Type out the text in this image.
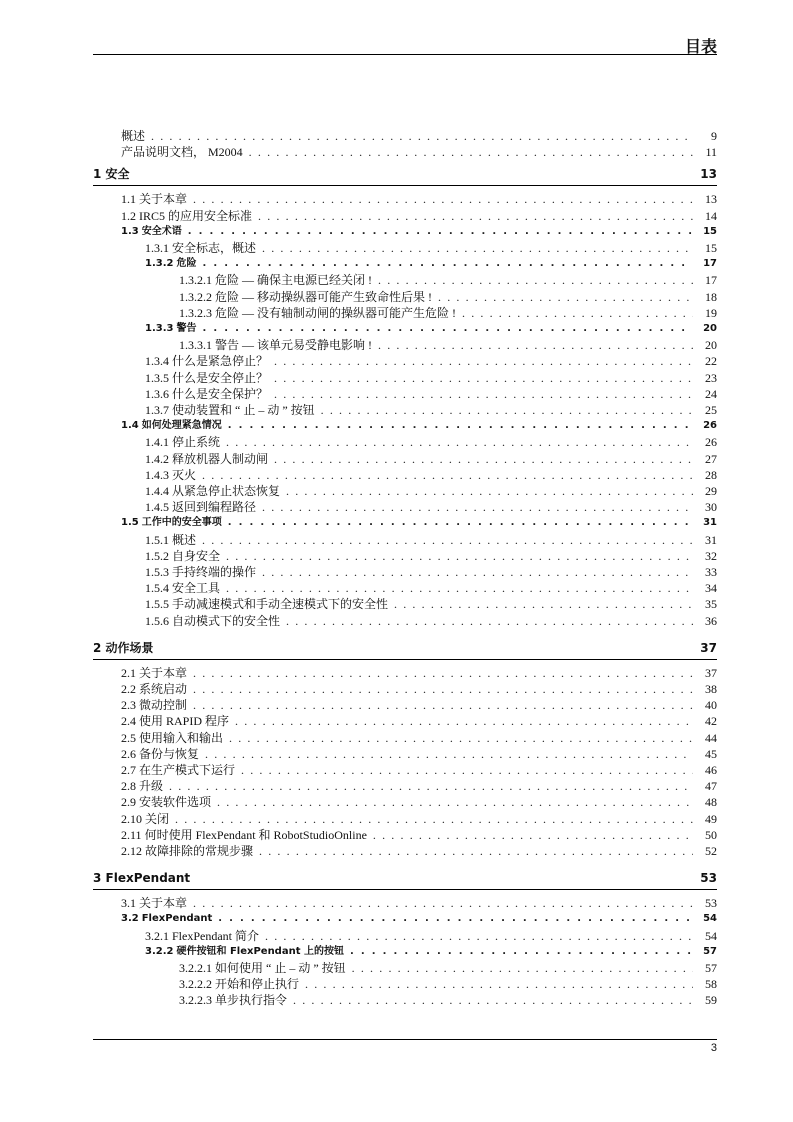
目表
概述 . . .	9
产品说明文档， M2004 . . .	11
1 安全	13
1.1 关于本章 . . .	13
1.2 IRC5 的应用安全标准 . . .	14
1.3 安全术语 . . .	15
1.3.1 安全标志，概述 . . .	15
1.3.2 危险 . . .	17
1.3.2.1 危险 — 确保主电源已经关闭 ! . . .	17
1.3.2.2 危险 — 移动操纵器可能产生致命性后果 ! . . .	18
1.3.2.3 危险 — 没有轴制动闸的操纵器可能产生危险 ! . . .	19
1.3.3 警告 . . .	20
1.3.3.1 警告 — 该单元易受静电影响 ! . . .	20
1.3.4 什么是紧急停止？ . . .	22
1.3.5 什么是安全停止？ . . .	23
1.3.6 什么是安全保护？ . . .	24
1.3.7 使动装置和 “ 止 – 动 ” 按钮 . . .	25
1.4 如何处理紧急情况 . . .	26
1.4.1 停止系统 . . .	26
1.4.2 释放机器人制动闸 . . .	27
1.4.3 灭火 . . .	28
1.4.4 从紧急停止状态恢复 . . .	29
1.4.5 返回到编程路径 . . .	30
1.5 工作中的安全事项 . . .	31
1.5.1 概述 . . .	31
1.5.2 自身安全 . . .	32
1.5.3 手持终端的操作 . . .	33
1.5.4 安全工具 . . .	34
1.5.5 手动减速模式和手动全速模式下的安全性 . . .	35
1.5.6 自动模式下的安全性 . . .	36
2 动作场景	37
2.1 关于本章 . . .	37
2.2 系统启动 . . .	38
2.3 微动控制 . . .	40
2.4 使用 RAPID 程序 . . .	42
2.5 使用输入和输出 . . .	44
2.6 备份与恢复 . . .	45
2.7 在生产模式下运行 . . .	46
2.8 升级 . . .	47
2.9 安装软件选项 . . .	48
2.10 关闭 . . .	49
2.11 何时使用 FlexPendant 和 RobotStudioOnline . . .	50
2.12 故障排除的常规步骤 . . .	52
3 FlexPendant	53
3.1 关于本章 . . .	53
3.2 FlexPendant . . .	54
3.2.1 FlexPendant 简介 . . .	54
3.2.2 硬件按钮和 FlexPendant 上的按钮 . . .	57
3.2.2.1 如何使用 “ 止 – 动 ” 按钮 . . .	57
3.2.2.2 开始和停止执行 . . .	58
3.2.2.3 单步执行指令 . . .	59
3
